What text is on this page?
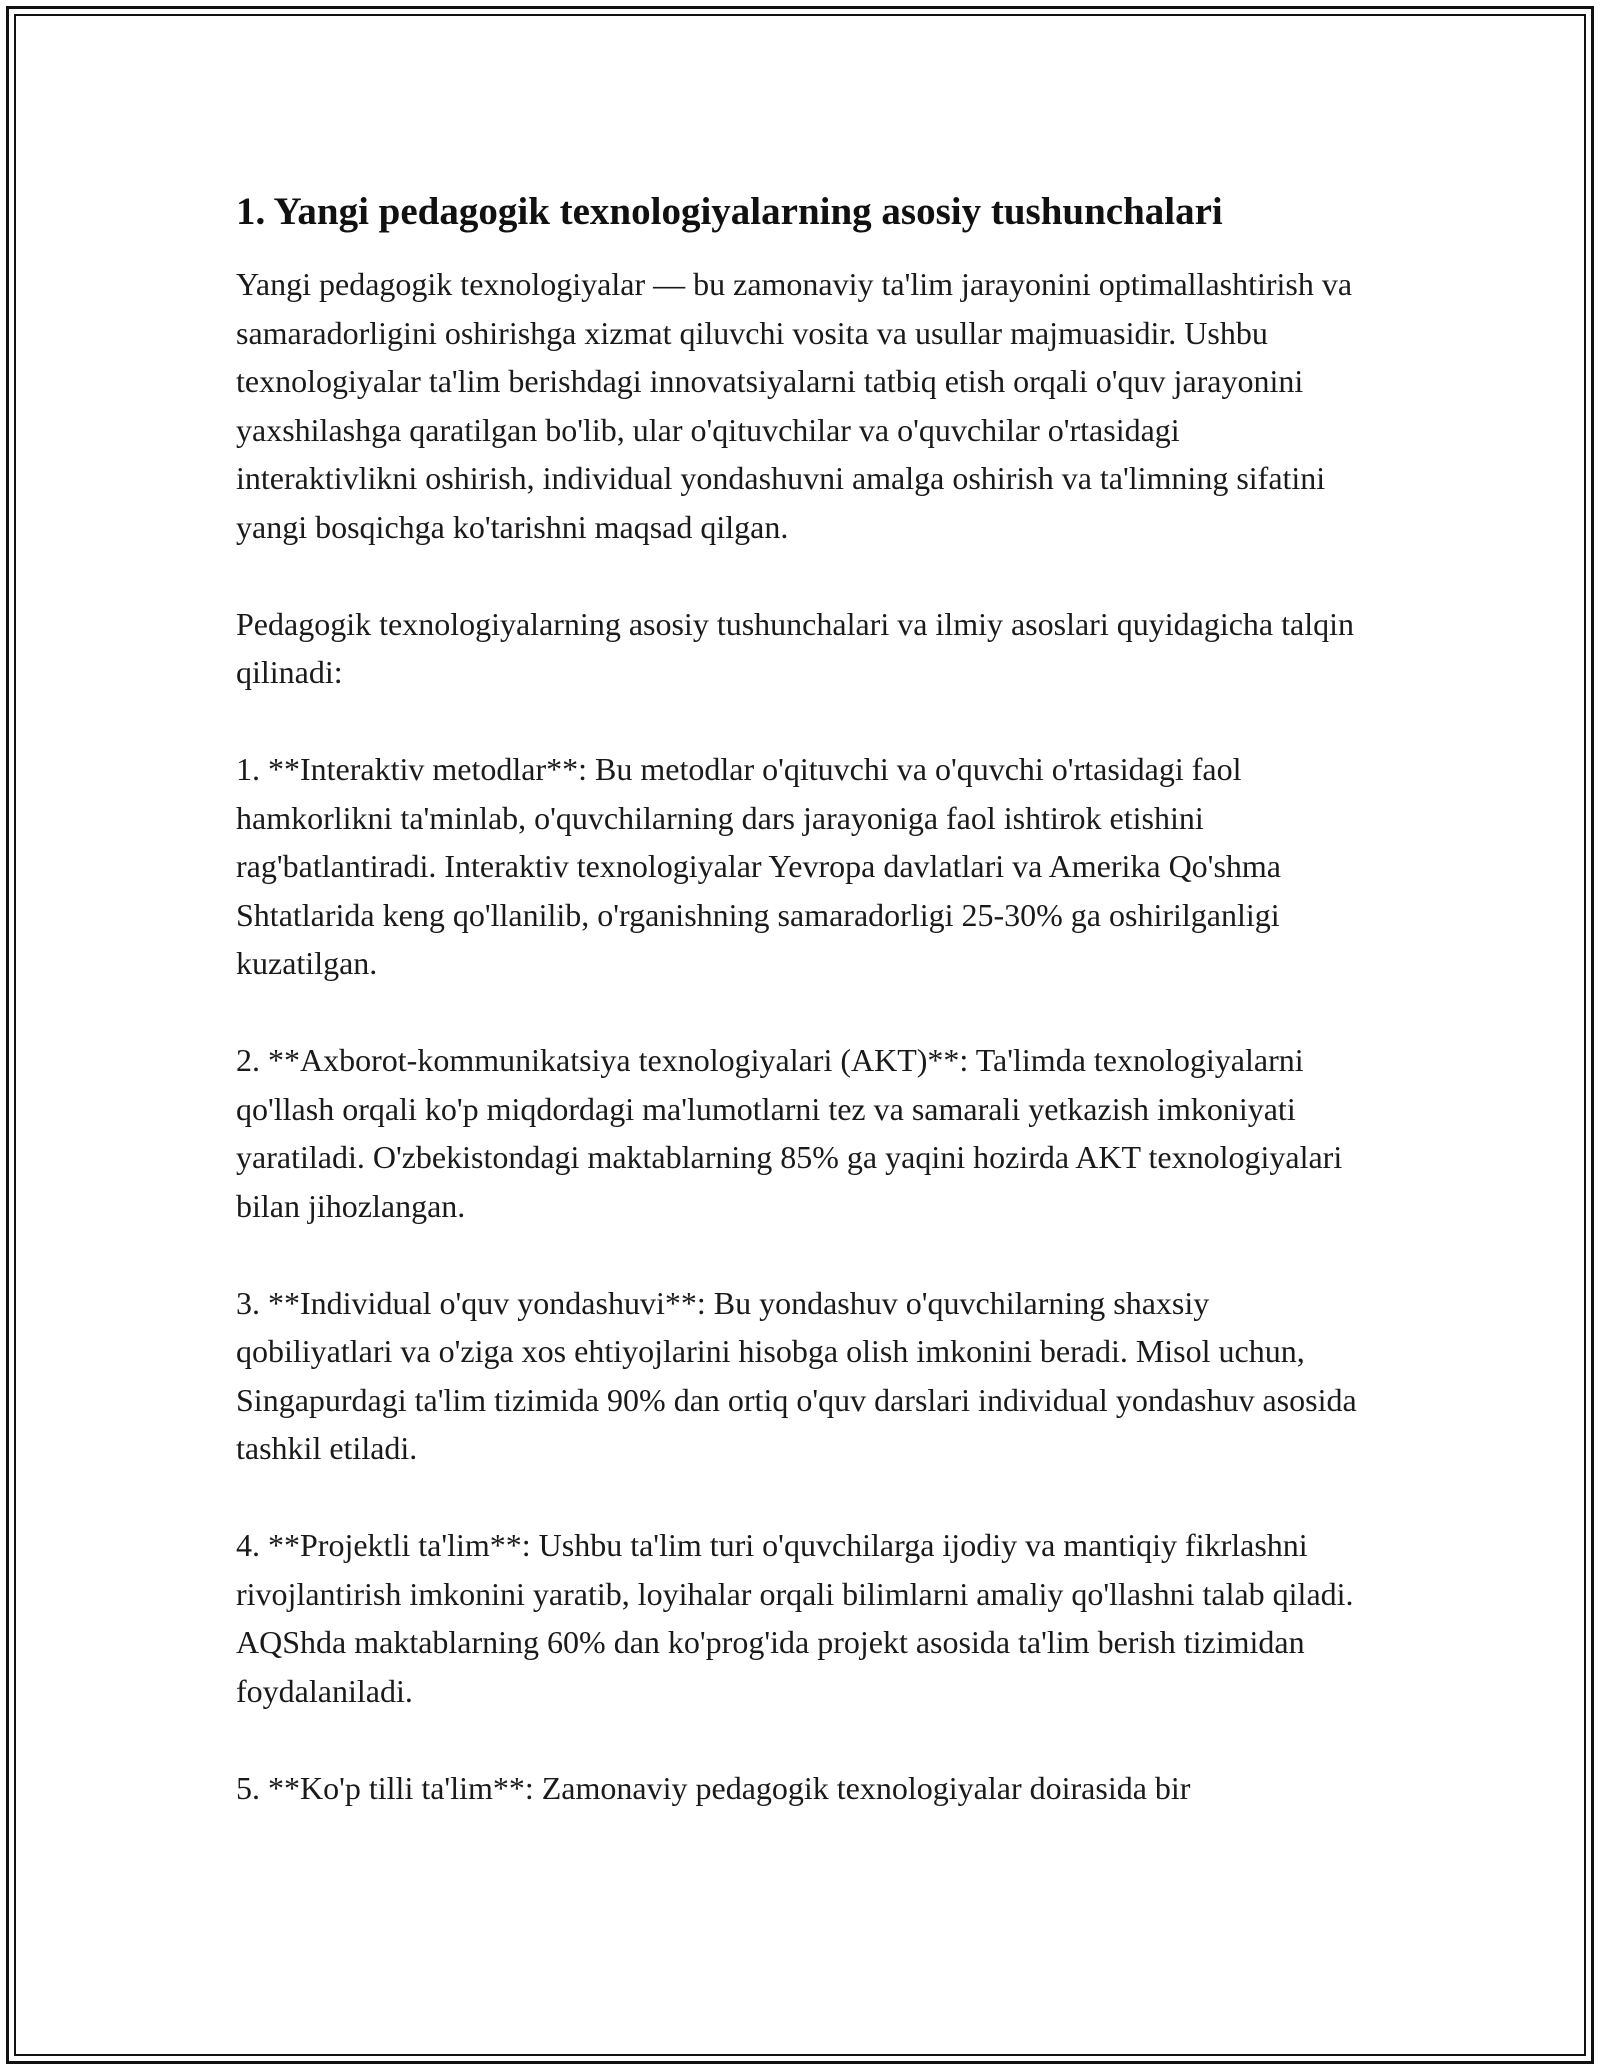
1. Yangi pedagogik texnologiyalarning asosiy tushunchalari

Yangi pedagogik texnologiyalar — bu zamonaviy ta'lim jarayonini optimallashtirish va samaradorligini oshirishga xizmat qiluvchi vosita va usullar majmuasidir. Ushbu texnologiyalar ta'lim berishdagi innovatsiyalarni tatbiq etish orqali o'quv jarayonini yaxshilashga qaratilgan bo'lib, ular o'qituvchilar va o'quvchilar o'rtasidagi interaktivlikni oshirish, individual yondashuvni amalga oshirish va ta'limning sifatini yangi bosqichga ko'tarishni maqsad qilgan.

Pedagogik texnologiyalarning asosiy tushunchalari va ilmiy asoslari quyidagicha talqin qilinadi:

1. **Interaktiv metodlar**: Bu metodlar o'qituvchi va o'quvchi o'rtasidagi faol hamkorlikni ta'minlab, o'quvchilarning dars jarayoniga faol ishtirok etishini rag'batlantiradi. Interaktiv texnologiyalar Yevropa davlatlari va Amerika Qo'shma Shtatlarida keng qo'llanilib, o'rganishning samaradorligi 25-30% ga oshirilganligi kuzatilgan.

2. **Axborot-kommunikatsiya texnologiyalari (AKT)**: Ta'limda texnologiyalarni qo'llash orqali ko'p miqdordagi ma'lumotlarni tez va samarali yetkazish imkoniyati yaratiladi. O'zbekistondagi maktablarning 85% ga yaqini hozirda AKT texnologiyalari bilan jihozlangan.

3. **Individual o'quv yondashuvi**: Bu yondashuv o'quvchilarning shaxsiy qobiliyatlari va o'ziga xos ehtiyojlarini hisobga olish imkonini beradi. Misol uchun, Singapurdagi ta'lim tizimida 90% dan ortiq o'quv darslari individual yondashuv asosida tashkil etiladi.

4. **Projektli ta'lim**: Ushbu ta'lim turi o'quvchilarga ijodiy va mantiqiy fikrlashni rivojlantirish imkonini yaratib, loyihalar orqali bilimlarni amaliy qo'llashni talab qiladi. AQShda maktablarning 60% dan ko'prog'ida projekt asosida ta'lim berish tizimidan foydalaniladi.

5. **Ko'p tilli ta'lim**: Zamonaviy pedagogik texnologiyalar doirasida bir
